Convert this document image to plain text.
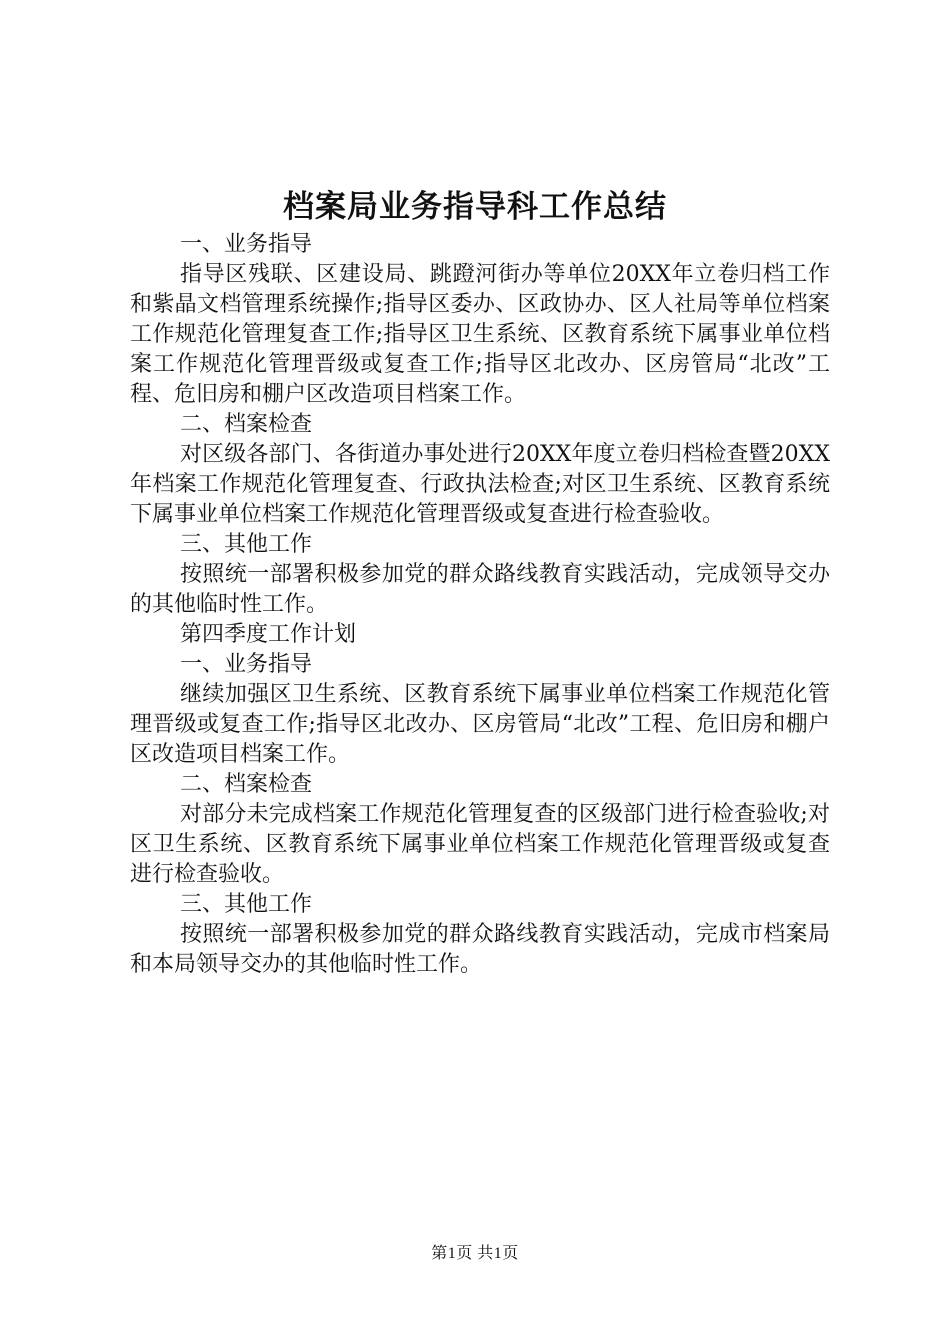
档案局业务指导科工作总结

一、业务指导

指导区残联、区建设局、跳蹬河街办等单位20XX年立卷归档工作和紫晶文档管理系统操作;指导区委办、区政协办、区人社局等单位档案工作规范化管理复查工作;指导区卫生系统、区教育系统下属事业单位档案工作规范化管理晋级或复查工作;指导区北改办、区房管局“北改”工程、危旧房和棚户区改造项目档案工作。

二、档案检查

对区级各部门、各街道办事处进行20XX年度立卷归档检查暨20XX年档案工作规范化管理复查、行政执法检查;对区卫生系统、区教育系统下属事业单位档案工作规范化管理晋级或复查进行检查验收。

三、其他工作

按照统一部署积极参加党的群众路线教育实践活动，完成领导交办的其他临时性工作。

第四季度工作计划

一、业务指导

继续加强区卫生系统、区教育系统下属事业单位档案工作规范化管理晋级或复查工作;指导区北改办、区房管局“北改”工程、危旧房和棚户区改造项目档案工作。

二、档案检查

对部分未完成档案工作规范化管理复查的区级部门进行检查验收;对区卫生系统、区教育系统下属事业单位档案工作规范化管理晋级或复查进行检查验收。

三、其他工作

按照统一部署积极参加党的群众路线教育实践活动，完成市档案局和本局领导交办的其他临时性工作。

第1页 共1页
